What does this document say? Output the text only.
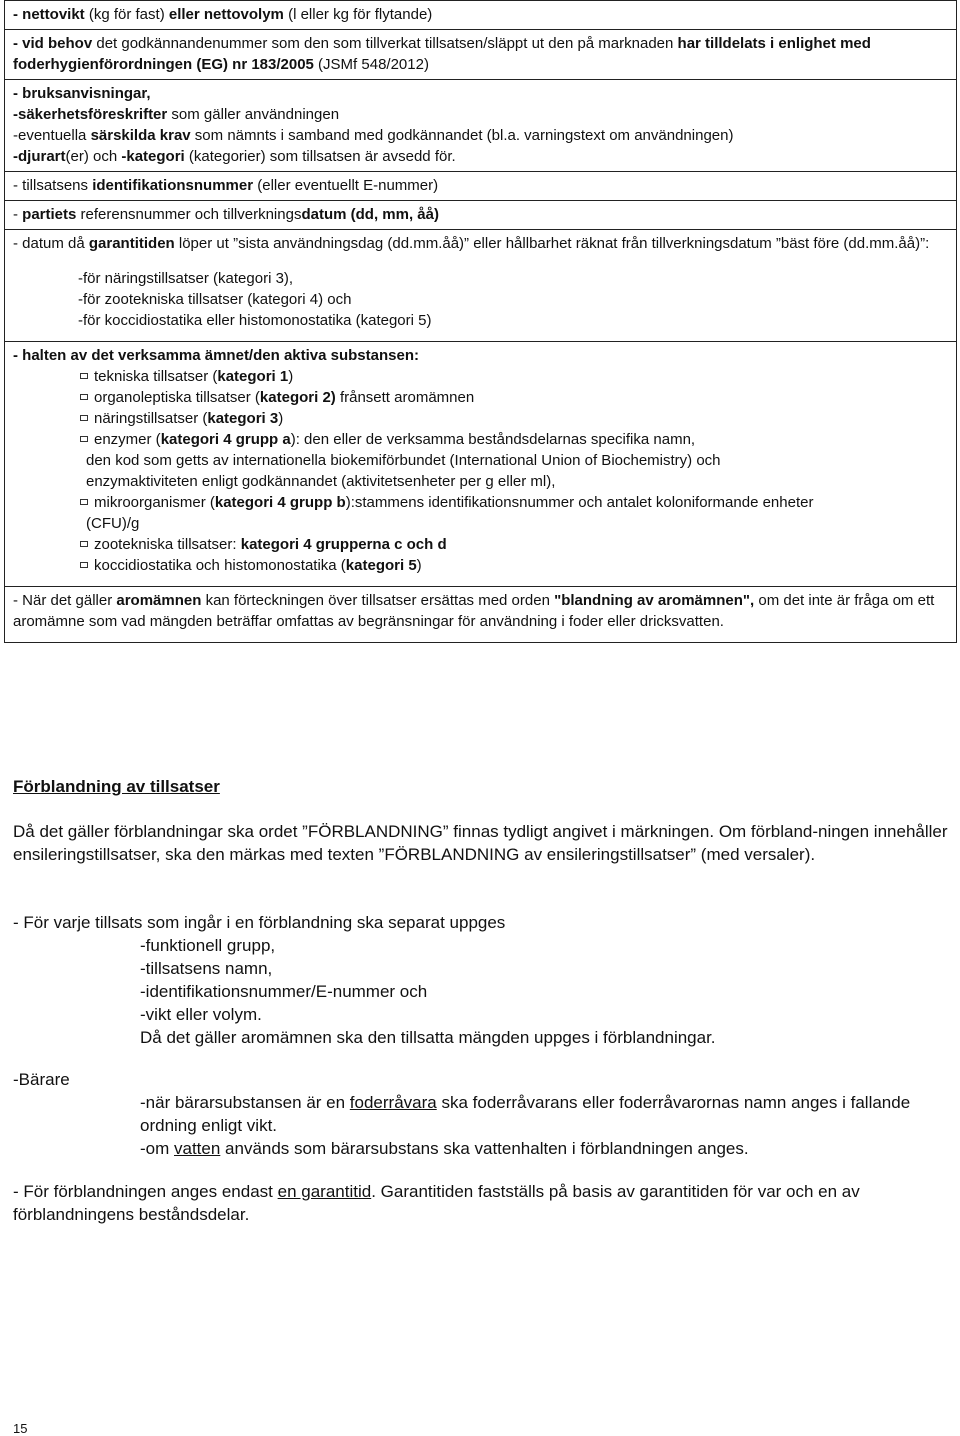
- nettovikt (kg för fast) eller nettovolym (l eller kg för flytande)

- vid behov det godkännandenummer som den som tillverkat tillsatsen/släppt ut den på marknaden har tilldelats i enlighet med foderhygienförordningen (EG) nr 183/2005 (JSMf 548/2012)

- bruksanvisningar,

-säkerhetsföreskrifter som gäller användningen

-eventuella särskilda krav som nämnts i samband med godkännandet (bl.a. varningstext om användningen)

-djurart(er) och -kategori (kategorier) som tillsatsen är avsedd för.

- tillsatsens identifikationsnummer (eller eventuellt E-nummer)

- partiets referensnummer och tillverkningsdatum (dd, mm, åå)

- datum då garantitiden löper ut ”sista användningsdag (dd.mm.åå)” eller hållbarhet räknat från tillverkningsdatum ”bäst före (dd.mm.åå)”:

-för näringstillsatser (kategori 3),

-för zootekniska tillsatser (kategori 4) och

-för koccidiostatika eller histomonostatika (kategori 5)

- halten av det verksamma ämnet/den aktiva substansen:

tekniska tillsatser (kategori 1)

organoleptiska tillsatser (kategori 2) frånsett aromämnen

näringstillsatser (kategori 3)

enzymer (kategori 4 grupp a): den eller de verksamma beståndsdelarnas specifika namn,

den kod som getts av internationella biokemiförbundet (International Union of Biochemistry) och

enzymaktiviteten enligt godkännandet (aktivitetsenheter per g eller ml),

mikroorganismer (kategori 4 grupp b):stammens identifikationsnummer och antalet koloniformande enheter

(CFU)/g

zootekniska tillsatser: kategori 4 grupperna c och d

koccidiostatika och histomonostatika (kategori 5)

- När det gäller aromämnen kan förteckningen över tillsatser ersättas med orden "blandning av aromämnen", om det inte är fråga om ett aromämne som vad mängden beträffar omfattas av begränsningar för användning i foder eller dricksvatten.

Förblandning av tillsatser

Då det gäller förblandningar ska ordet ”FÖRBLANDNING” finnas tydligt angivet i märkningen. Om förbland-ningen innehåller ensileringstillsatser, ska den märkas med texten ”FÖRBLANDNING av ensileringstillsatser” (med versaler).

- För varje tillsats som ingår i en förblandning ska separat uppges

-funktionell grupp,

-tillsatsens namn,

-identifikationsnummer/E-nummer och

-vikt eller volym.

Då det gäller aromämnen ska den tillsatta mängden uppges i förblandningar.

-Bärare

-när bärarsubstansen är en foderråvara ska foderråvarans eller foderråvarornas namn anges i fallande ordning enligt vikt.

-om vatten används som bärarsubstans ska vattenhalten i förblandningen anges.

- För förblandningen anges endast en garantitid. Garantitiden fastställs på basis av garantitiden för var och en av förblandningens beståndsdelar.

15
